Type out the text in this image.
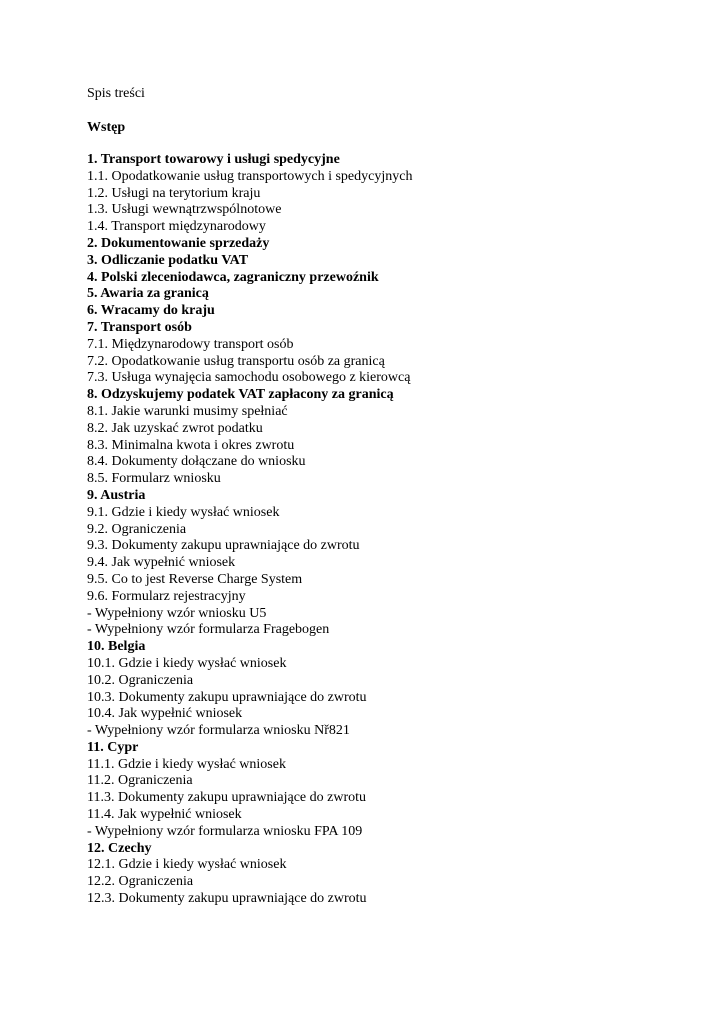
Spis treści
Wstęp
1. Transport towarowy i usługi spedycyjne
1.1. Opodatkowanie usług transportowych i spedycyjnych
1.2. Usługi na terytorium kraju
1.3. Usługi wewnątrzwspólnotowe
1.4. Transport międzynarodowy
2. Dokumentowanie sprzedaży
3. Odliczanie podatku VAT
4. Polski zleceniodawca, zagraniczny przewoźnik
5. Awaria za granicą
6. Wracamy do kraju
7. Transport osób
7.1. Międzynarodowy transport osób
7.2. Opodatkowanie usług transportu osób za granicą
7.3. Usługa wynajęcia samochodu osobowego z kierowcą
8. Odzyskujemy podatek VAT zapłacony za granicą
8.1. Jakie warunki musimy spełniać
8.2. Jak uzyskać zwrot podatku
8.3. Minimalna kwota i okres zwrotu
8.4. Dokumenty dołączane do wniosku
8.5. Formularz wniosku
9. Austria
9.1. Gdzie i kiedy wysłać wniosek
9.2. Ograniczenia
9.3. Dokumenty zakupu uprawniające do zwrotu
9.4. Jak wypełnić wniosek
9.5. Co to jest Reverse Charge System
9.6. Formularz rejestracyjny
- Wypełniony wzór wniosku U5
- Wypełniony wzór formularza Fragebogen
10. Belgia
10.1. Gdzie i kiedy wysłać wniosek
10.2. Ograniczenia
10.3. Dokumenty zakupu uprawniające do zwrotu
10.4. Jak wypełnić wniosek
- Wypełniony wzór formularza wniosku Nř821
11. Cypr
11.1. Gdzie i kiedy wysłać wniosek
11.2. Ograniczenia
11.3. Dokumenty zakupu uprawniające do zwrotu
11.4. Jak wypełnić wniosek
- Wypełniony wzór formularza wniosku FPA 109
12. Czechy
12.1. Gdzie i kiedy wysłać wniosek
12.2. Ograniczenia
12.3. Dokumenty zakupu uprawniające do zwrotu
